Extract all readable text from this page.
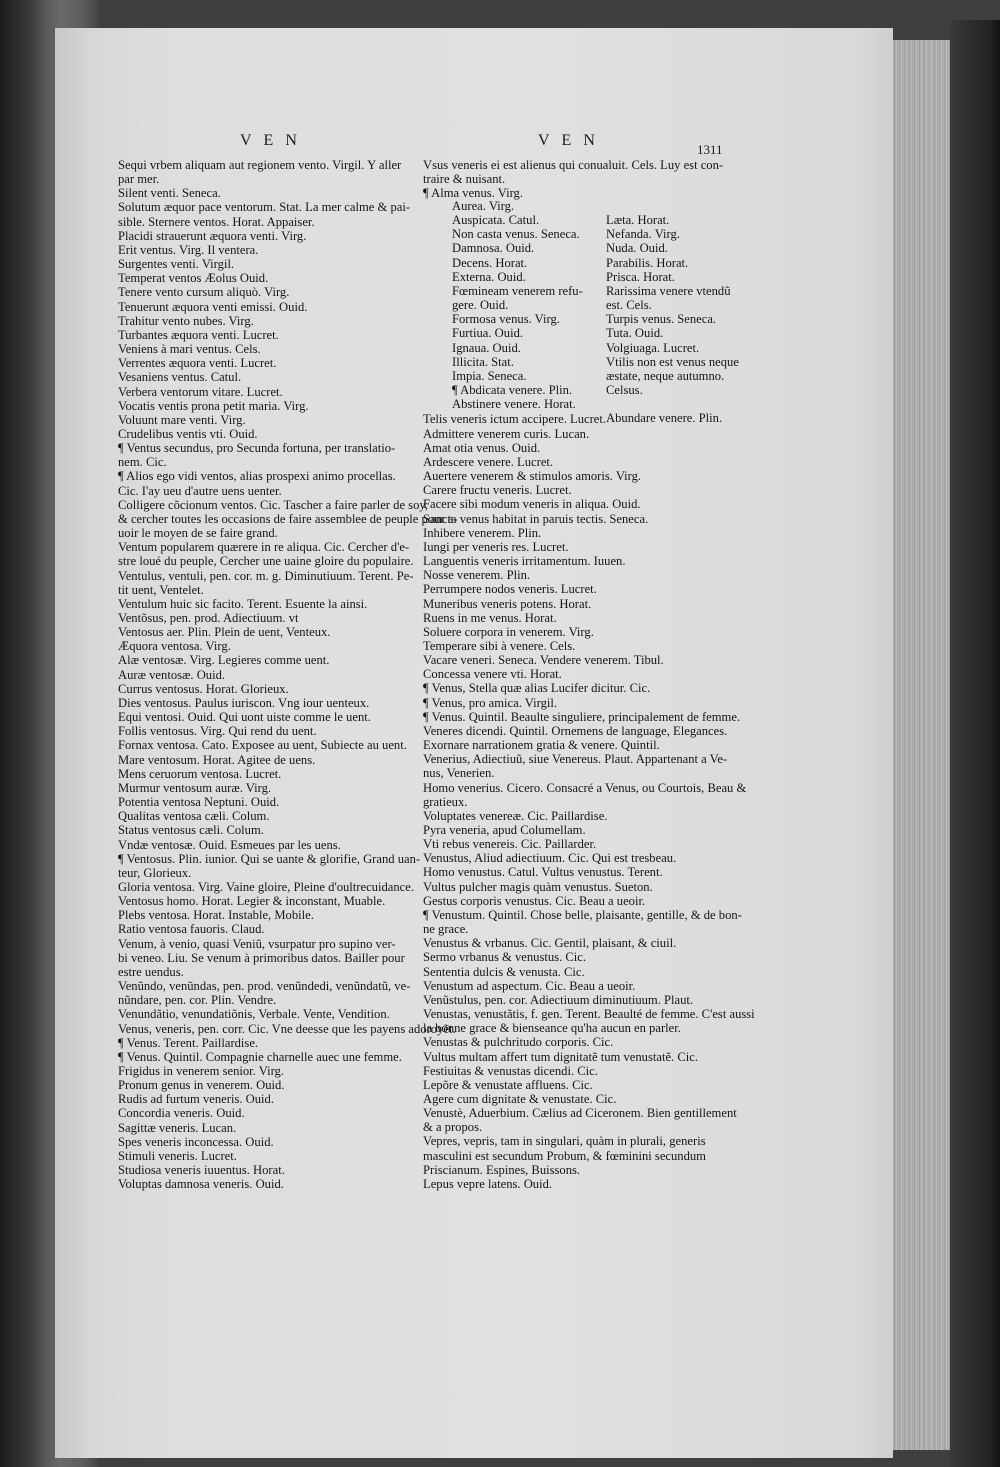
VEN	VEN
1311
Sequi vrbem aliquam aut regionem vento. Virgil. Y aller
par mer.
Silent venti. Seneca.
Solutum æquor pace ventorum. Stat. La mer calme & pai-
sible. Sternere ventos. Horat. Appaiser.
Placidi strauerunt æquora venti. Virg.
Erit ventus. Virg. Il ventera.
Surgentes venti. Virgil.
Temperat ventos Æolus Ouid.
Tenere vento cursum aliquò. Virg.
Tenuerunt æquora venti emissi. Ouid.
Trahitur vento nubes. Virg.
Turbantes æquora venti. Lucret.
Veniens à mari ventus. Cels.
Verrentes æquora venti. Lucret.
Vesaniens ventus. Catul.
Verbera ventorum vitare. Lucret.
Vocatis ventis prona petit maria. Virg.
Voluunt mare venti. Virg.
Crudelibus ventis vti. Ouid.
¶ Ventus secundus, pro Secunda fortuna, per translatio-
nem. Cic.
¶ Alios ego vidi ventos, alias prospexi animo procellas.
Cic. I'ay ueu d'autre uens uenter.
Colligere cõcionum ventos. Cic. Tascher a faire parler de soy,
& cercher toutes les occasions de faire assemblee de peuple pour a-
uoir le moyen de se faire grand.
Ventum popularem quærere in re aliqua. Cic. Cercher d'e-
stre loué du peuple, Cercher une uaine gloire du populaire.
Ventulus, ventuli, pen. cor. m. g. Diminutiuum. Terent. Pe-
tit uent, Ventelet.
Ventulum huic sic facito. Terent. Esuente la ainsi.
Ventõsus, pen. prod. Adiectiuum. vt
Ventosus aer. Plin. Plein de uent, Venteux.
Æquora ventosa. Virg.
Alæ ventosæ. Virg. Legieres comme uent.
Auræ ventosæ. Ouid.
Currus ventosus. Horat. Glorieux.
Dies ventosus. Paulus iuriscon. Vng iour uenteux.
Equi ventosi. Ouid. Qui uont uiste comme le uent.
Follis ventosus. Virg. Qui rend du uent.
Fornax ventosa. Cato. Exposee au uent, Subiecte au uent.
Mare ventosum. Horat. Agitee de uens.
Mens ceruorum ventosa. Lucret.
Murmur ventosum auræ. Virg.
Potentia ventosa Neptuni. Ouid.
Qualitas ventosa cæli. Colum.
Status ventosus cæli. Colum.
Vndæ ventosæ. Ouid. Esmeues par les uens.
¶ Ventosus. Plin. iunior. Qui se uante & glorifie, Grand uan-
teur, Glorieux.
Gloria ventosa. Virg. Vaine gloire, Pleine d'oultrecuidance.
Ventosus homo. Horat. Legier & inconstant, Muable.
Plebs ventosa. Horat. Instable, Mobile.
Ratio ventosa fauoris. Claud.
Venum, à venio, quasi Veniũ, vsurpatur pro supino ver-
bi veneo. Liu. Se venum à primoribus datos. Bailler pour
estre uendus.
Venũndo, venũndas, pen. prod. venũndedi, venũndatũ, ve-
nũndare, pen. cor. Plin. Vendre.
Venundãtio, venundatiõnis, Verbale. Vente, Vendition.
Venus, veneris, pen. corr. Cic. Vne deesse que les payens adoroyẽt.
¶ Venus. Terent. Paillardise.
¶ Venus. Quintil. Compagnie charnelle auec une femme.
Frigidus in venerem senior. Virg.
Pronum genus in venerem. Ouid.
Rudis ad furtum veneris. Ouid.
Concordia veneris. Ouid.
Sagittæ veneris. Lucan.
Spes veneris inconcessa. Ouid.
Stimuli veneris. Lucret.
Studiosa veneris iuuentus. Horat.
Voluptas damnosa veneris. Ouid.
Vsus veneris ei est alienus qui conualuit. Cels. Luy est con-
traire & nuisant.
¶ Alma venus. Virg.
Telis veneris ictum accipere. Lucret.
Admittere venerem curis. Lucan.
Amat otia venus. Ouid.
Ardescere venere. Lucret.
Auertere venerem & stimulos amoris. Virg.
Carere fructu veneris. Lucret.
Facere sibi modum veneris in aliqua. Ouid.
Sancta venus habitat in paruis tectis. Seneca.
Inhibere venerem. Plin.
Iungi per veneris res. Lucret.
Languentis veneris irritamentum. Iuuen.
Nosse venerem. Plin.
Perrumpere nodos veneris. Lucret.
Muneribus veneris potens. Horat.
Ruens in me venus. Horat.
Soluere corpora in venerem. Virg.
Temperare sibi à venere. Cels.
Vacare veneri. Seneca. Vendere venerem. Tibul.
Concessa venere vti. Horat.
¶ Venus, Stella quæ alias Lucifer dicitur. Cic.
¶ Venus, pro amica. Virgil.
¶ Venus. Quintil. Beaulte singuliere, principalement de femme.
Veneres dicendi. Quintil. Ornemens de language, Elegances.
Exornare narrationem gratia & venere. Quintil.
Venerius, Adiectiuũ, siue Venereus. Plaut. Appartenant a Ve-
nus, Venerien.
Homo venerius. Cicero. Consacré a Venus, ou Courtois, Beau &
gratieux.
Voluptates venereæ. Cic. Paillardise.
Pyra veneria, apud Columellam.
Vti rebus venereis. Cic. Paillarder.
Venustus, Aliud adiectiuum. Cic. Qui est tresbeau.
Homo venustus. Catul. Vultus venustus. Terent.
Vultus pulcher magis quàm venustus. Sueton.
Gestus corporis venustus. Cic. Beau a ueoir.
¶ Venustum. Quintil. Chose belle, plaisante, gentille, & de bon-
ne grace.
Venustus & vrbanus. Cic. Gentil, plaisant, & ciuil.
Sermo vrbanus & venustus. Cic.
Sententia dulcis & venusta. Cic.
Venustum ad aspectum. Cic. Beau a ueoir.
Venũstulus, pen. cor. Adiectiuum diminutiuum. Plaut.
Venustas, venustãtis, f. gen. Terent. Beaulté de femme. C'est aussi
la bonne grace & bienseance qu'ha aucun en parler.
Venustas & pulchritudo corporis. Cic.
Vultus multam affert tum dignitatẽ tum venustatẽ. Cic.
Festiuitas & venustas dicendi. Cic.
Lepõre & venustate affluens. Cic.
Agere cum dignitate & venustate. Cic.
Venustè, Aduerbium. Cælius ad Ciceronem. Bien gentillement
& a propos.
Vepres, vepris, tam in singulari, quàm in plurali, generis
masculini est secundum Probum, & fœminini secundum
Priscianum. Espines, Buissons.
Lepus vepre latens. Ouid.
Aurea. Virg.
Auspicata. Catul.
Non casta venus. Seneca.
Damnosa. Ouid.
Decens. Horat.
Externa. Ouid.
Fœmineam venerem refu-
gere. Ouid.
Formosa venus. Virg.
Furtiua. Ouid.
Ignaua. Ouid.
Illicita. Stat.
Impia. Seneca.
¶ Abdicata venere. Plin.
Abstinere venere. Horat.

Læta. Horat.
Nefanda. Virg.
Nuda. Ouid.
Parabilis. Horat.
Prisca. Horat.
Rarissima venere vtendũ
est. Cels.
Turpis venus. Seneca.
Tuta. Ouid.
Volgiuaga. Lucret.
Vtilis non est venus neque
æstate, neque autumno.
Celsus.

Abundare venere. Plin.
